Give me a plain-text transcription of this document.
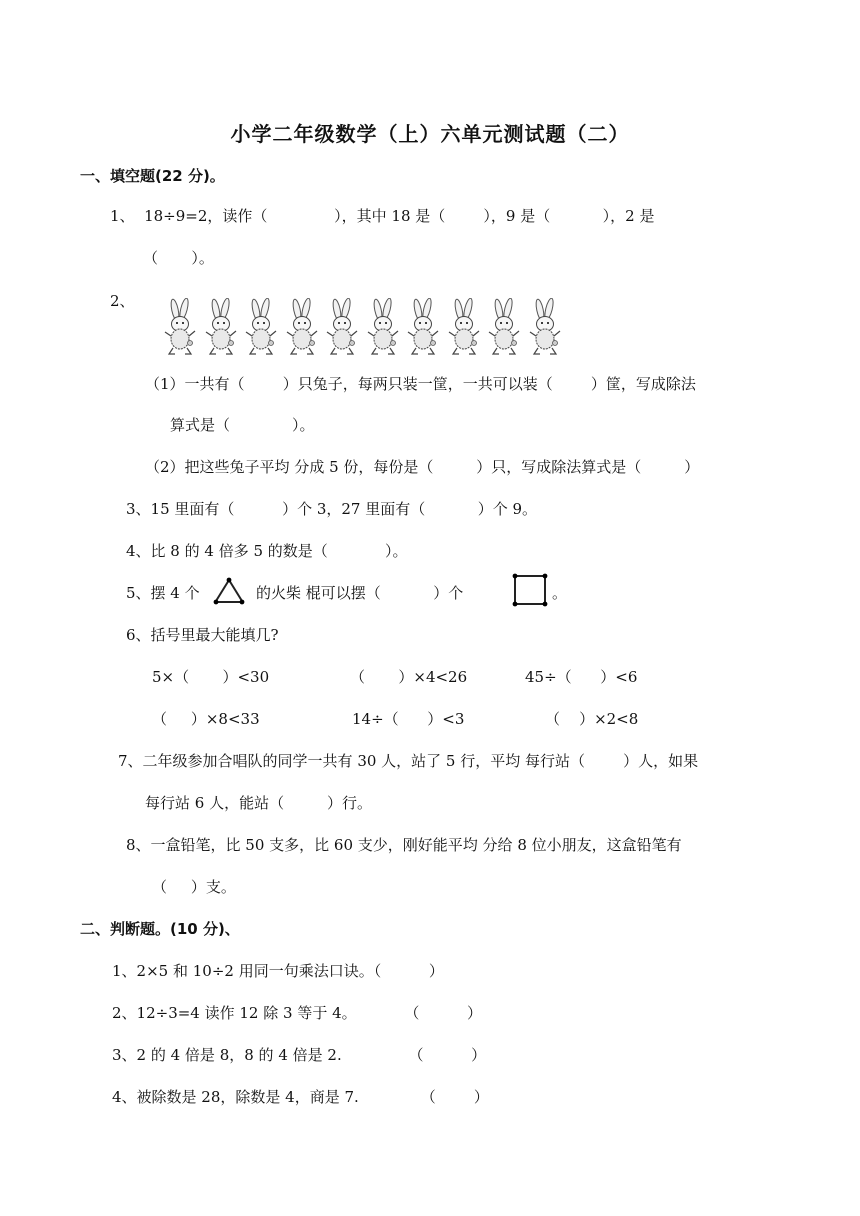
小学二年级数学（上）六单元测试题（二）
一、填空题(22 分)。
1、  18÷9=2，读作（              ），其中 18 是（        ），9 是（           ），2 是
（       ）。
2、
（1）一共有（        ）只兔子，每两只装一筐，一共可以装（        ）筐，写成除法
算式是（             ）。
（2）把这些兔子平均 分成 5 份，每份是（         ）只，写成除法算式是（         ）
3、15 里面有（          ）个 3，27 里面有（           ）个 9。
4、比 8 的 4 倍多 5 的数是（            ）。
5、摆 4 个	的火柴 棍可以摆（           ）个	。
6、括号里最大能填几?
5×（       ）<30	（       ）×4<26	45÷（      ）<6
（     ）×8<33	14÷（      ）<3	（    ）×2<8
7、二年级参加合唱队的同学一共有 30 人，站了 5 行，平均 每行站（        ）人，如果
每行站 6 人，能站（         ）行。
8、一盒铅笔，比 50 支多，比 60 支少，刚好能平均 分给 8 位小朋友，这盒铅笔有
（     ）支。
二、判断题。(10 分)、
1、2×5 和 10÷2 用同一句乘法口诀。（          ）
2、12÷3=4 读作 12 除 3 等于 4。          （          ）
3、2 的 4 倍是 8，8 的 4 倍是 2.              （          ）
4、被除数是 28，除数是 4，商是 7.             （        ）
